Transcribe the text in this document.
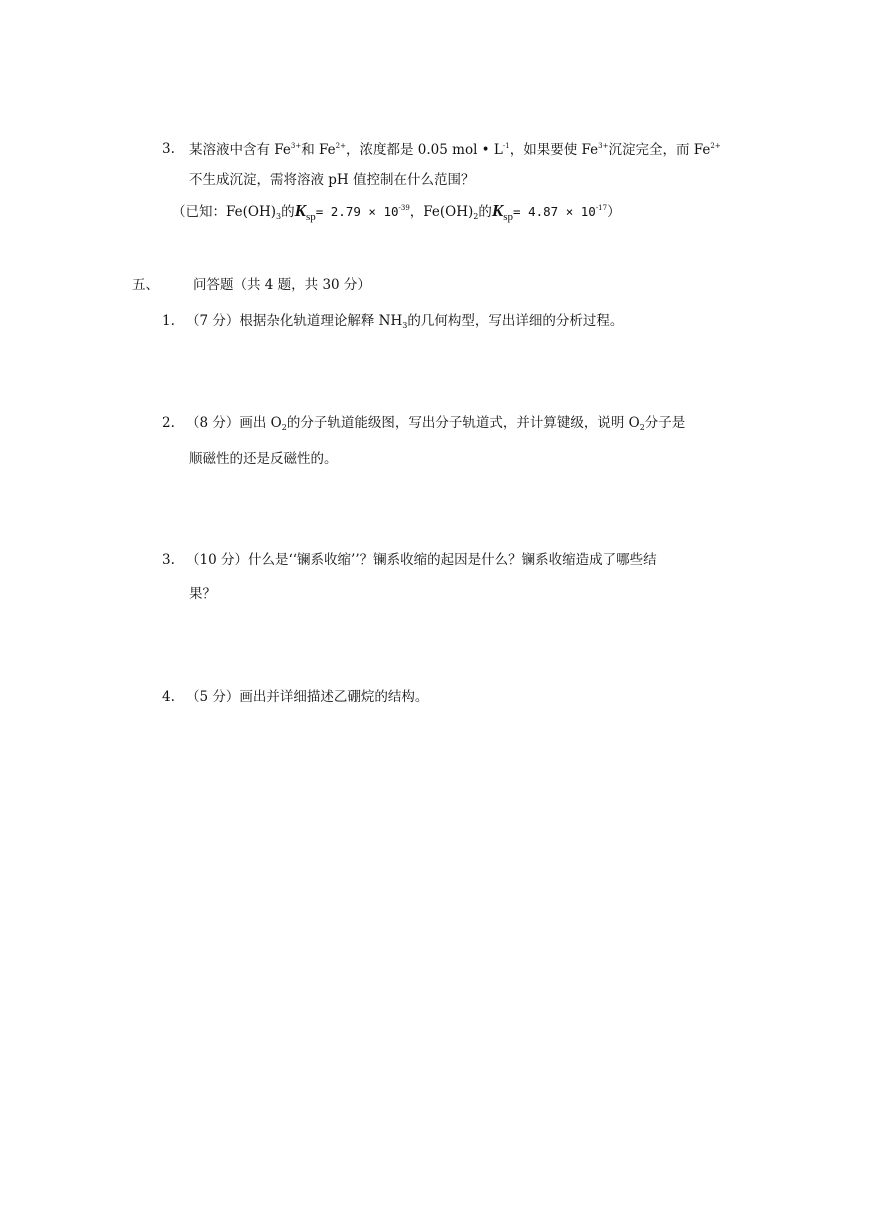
3. 某溶液中含有 $Fe^{3+}$和 $Fe^{2+}$，浓度都是 0.05 mol • $L^{-1}$，如果要使 $Fe^{3+}$沉淀完全，而 $Fe^{2+}$
不生成沉淀，需将溶液 pH 值控制在什么范围？
（已知：$Fe(OH)_3$的$K_{sp}= 2.79 \times 10^{-39}$，$Fe(OH)_2$的$K_{sp}= 4.87 \times 10^{-17}$）
五、	问答题（共 4 题，共 30 分）
1. （7 分）根据杂化轨道理论解释 $NH_3$的几何构型，写出详细的分析过程。
2. （8 分）画出 $O_2$的分子轨道能级图，写出分子轨道式，并计算键级，说明 $O_2$分子是
顺磁性的还是反磁性的。
3. （10 分）什么是‘‘镧系收缩’’？镧系收缩的起因是什么？镧系收缩造成了哪些结
果？
4. （5 分）画出并详细描述乙硼烷的结构。
